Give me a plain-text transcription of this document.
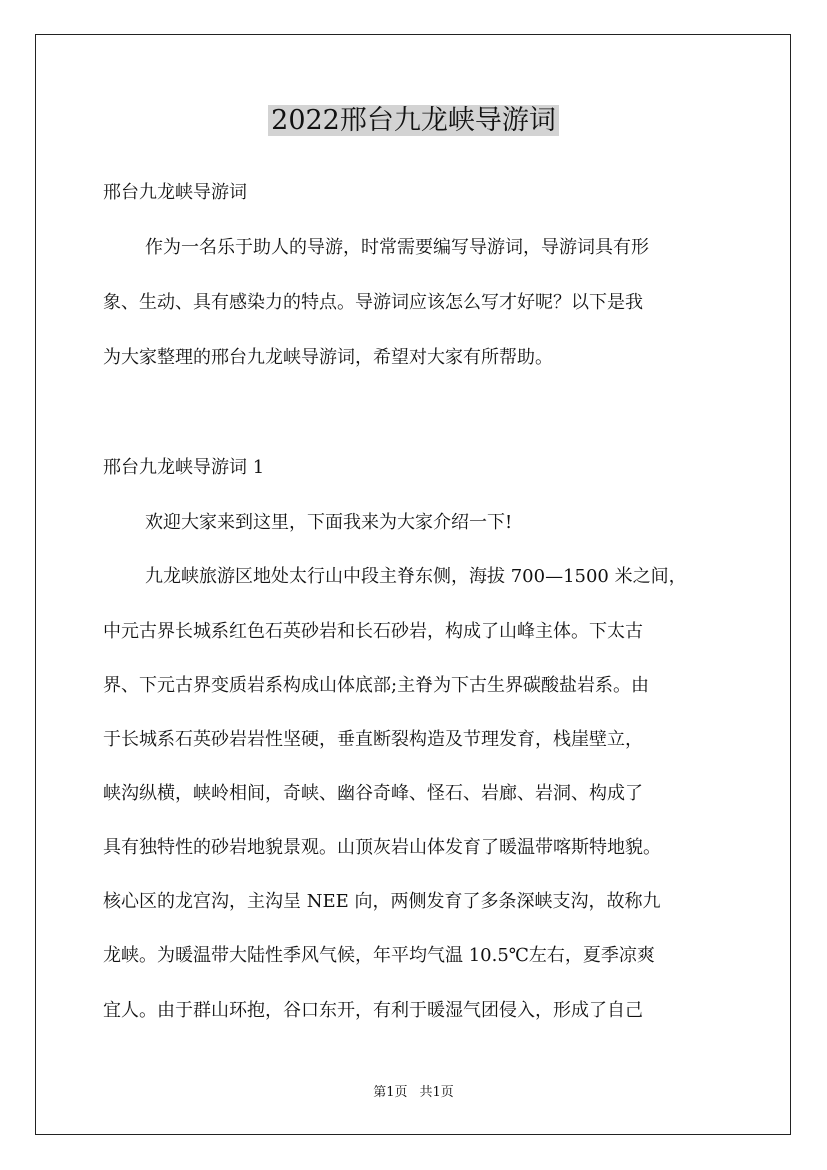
2022邢台九龙峡导游词
邢台九龙峡导游词
作为一名乐于助人的导游，时常需要编写导游词，导游词具有形
象、生动、具有感染力的特点。导游词应该怎么写才好呢？以下是我
为大家整理的邢台九龙峡导游词，希望对大家有所帮助。
邢台九龙峡导游词 1
欢迎大家来到这里，下面我来为大家介绍一下!
九龙峡旅游区地处太行山中段主脊东侧，海拔 700—1500 米之间，
中元古界长城系红色石英砂岩和长石砂岩，构成了山峰主体。下太古
界、下元古界变质岩系构成山体底部;主脊为下古生界碳酸盐岩系。由
于长城系石英砂岩岩性坚硬，垂直断裂构造及节理发育，栈崖壁立，
峡沟纵横，峡岭相间，奇峡、幽谷奇峰、怪石、岩廊、岩洞、构成了
具有独特性的砂岩地貌景观。山顶灰岩山体发育了暖温带喀斯特地貌。
核心区的龙宫沟，主沟呈 NEE 向，两侧发育了多条深峡支沟，故称九
龙峡。为暖温带大陆性季风气候，年平均气温 10.5℃左右，夏季凉爽
宜人。由于群山环抱，谷口东开，有利于暖湿气团侵入，形成了自己
第1页 共1页
